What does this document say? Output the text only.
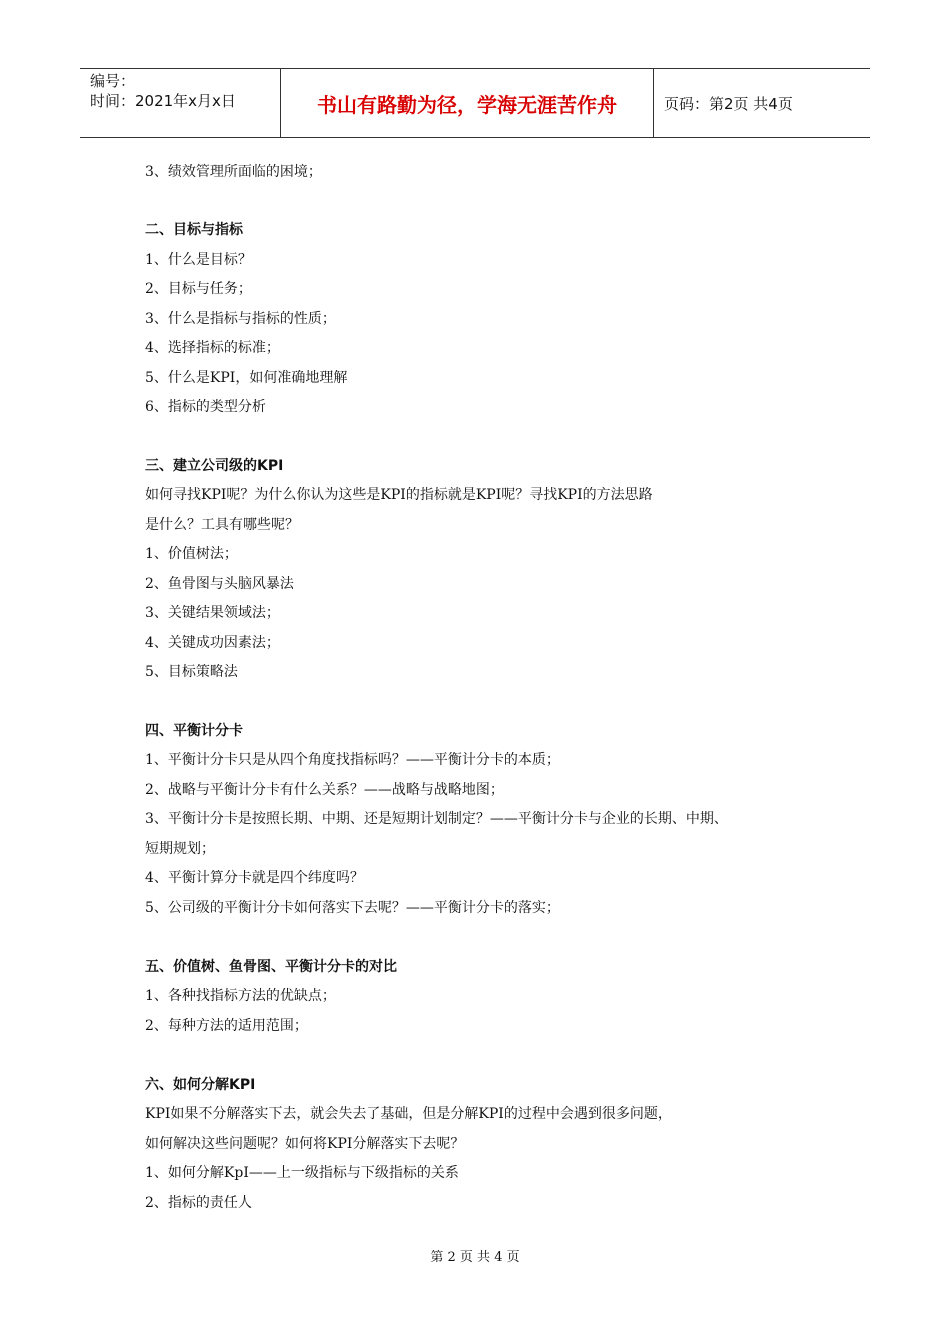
编号：
时间：2021年x月x日	书山有路勤为径，学海无涯苦作舟	页码：第2页 共4页
3、绩效管理所面临的困境；
二、目标与指标
1、什么是目标？
2、目标与任务；
3、什么是指标与指标的性质；
4、选择指标的标准；
5、什么是KPI，如何准确地理解
6、指标的类型分析
三、建立公司级的KPI
如何寻找KPI呢？为什么你认为这些是KPI的指标就是KPI呢？寻找KPI的方法思路
是什么？工具有哪些呢？
1、价值树法；
2、鱼骨图与头脑风暴法
3、关键结果领域法；
4、关键成功因素法；
5、目标策略法
四、平衡计分卡
1、平衡计分卡只是从四个角度找指标吗？——平衡计分卡的本质；
2、战略与平衡计分卡有什么关系？——战略与战略地图；
3、平衡计分卡是按照长期、中期、还是短期计划制定？——平衡计分卡与企业的长期、中期、
短期规划；
4、平衡计算分卡就是四个纬度吗？
5、公司级的平衡计分卡如何落实下去呢？——平衡计分卡的落实；
五、价值树、鱼骨图、平衡计分卡的对比
1、各种找指标方法的优缺点；
2、每种方法的适用范围；
六、如何分解KPI
KPI如果不分解落实下去，就会失去了基础，但是分解KPI的过程中会遇到很多问题，
如何解决这些问题呢？如何将KPI分解落实下去呢？
1、如何分解KpI——上一级指标与下级指标的关系
2、指标的责任人
第 2 页 共 4 页
